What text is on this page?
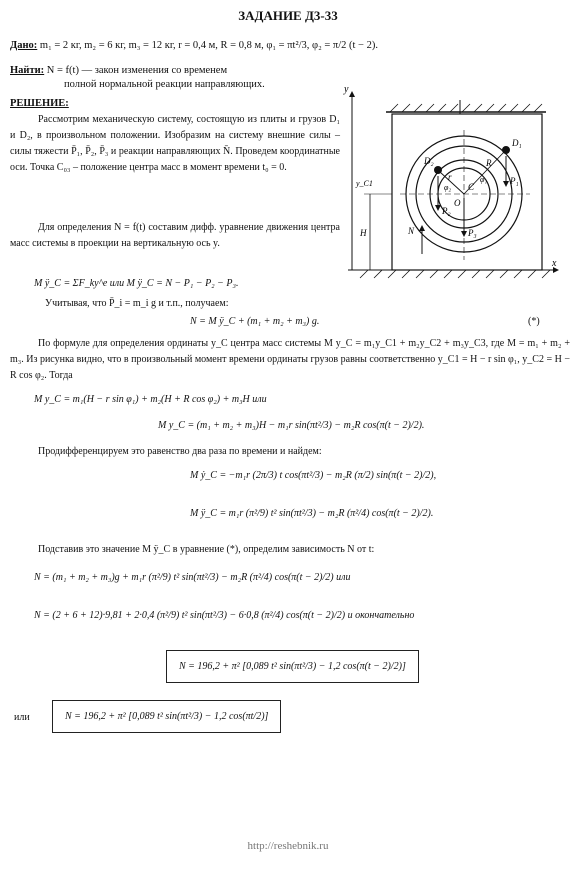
ЗАДАНИЕ Д3-33
Дано: m₁ = 2 кг, m₂ = 6 кг, m₃ = 12 кг, r = 0,4 м, R = 0,8 м, φ₁ = πt²/3, φ₂ = π/2 (t − 2).
Найти: N = f(t) — закон изменения со временем
полной нормальной реакции направляющих.
РЕШЕНИЕ:
Рассмотрим механическую систему, состоящую из плиты и грузов D₁ и D₂, в произвольном положении. Изобразим на систему внешние силы – силы тяжести P̄₁, P̄₂, P̄₃ и реакции направляющих N̄. Проведем координатные оси. Точка C₀₃ – положение центра масс в момент времени t₀ = 0.
Для определения N = f(t) составим дифф. уравнение движения центра масс системы в проекции на вертикальную ось y.
y
x
y_C1
H
C
O
D₁
D₂
P₁
P₂
P₃
N
R
r	φ₁
φ₂
M ÿ_C = ΣF_ky^e или M ÿ_C = N − P₁ − P₂ − P₃.
Учитывая, что P̄_i = m_i g и т.п., получаем:
N = M ÿ_C + (m₁ + m₂ + m₃) g.	(*)
По формуле для определения ординаты y_C центра масс системы M y_C = m₁y_C1 + m₂y_C2 + m₃y_C3, где M = m₁ + m₂ + m₃. Из рисунка видно, что в произвольный момент времени ординаты грузов равны соответственно y_C1 = H − r sin φ₁, y_C2 = H − R cos φ₂. Тогда
M y_C = m₁(H − r sin φ₁) + m₂(H + R cos φ₂) + m₃H или
M y_C = (m₁ + m₂ + m₃)H − m₁r sin(πt²/3) − m₂R cos(π(t − 2)/2).
Продифференцируем это равенство два раза по времени и найдем:
M ẏ_C = −m₁r (2π/3) t cos(πt²/3) − m₂R (π/2) sin(π(t − 2)/2),
M ÿ_C = m₁r (π²/9) t² sin(πt²/3) − m₂R (π²/4) cos(π(t − 2)/2).
Подставив это значение M ÿ_C в уравнение (*), определим зависимость N от t:
N = (m₁ + m₂ + m₃)g + m₁r (π²/9) t² sin(πt²/3) − m₂R (π²/4) cos(π(t − 2)/2) или
N = (2 + 6 + 12)·9,81 + 2·0,4 (π²/9) t² sin(πt²/3) − 6·0,8 (π²/4) cos(π(t − 2)/2) и окончательно
N = 196,2 + π² [0,089 t² sin(πt²/3) − 1,2 cos(π(t − 2)/2)]
или	N = 196,2 + π² [0,089 t² sin(πt²/3) − 1,2 cos(πt/2)]
http://reshebnik.ru
